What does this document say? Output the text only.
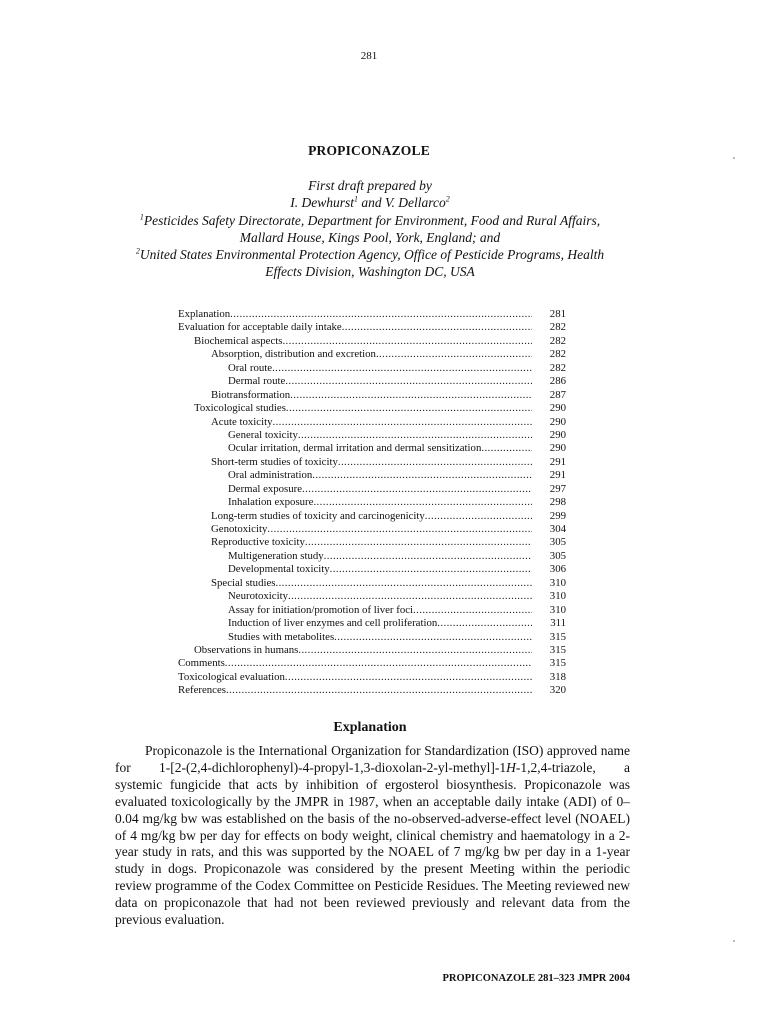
281
PROPICONAZOLE
First draft prepared by
I. Dewhurst$^1$ and V. Dellarco$^2$
$^1$Pesticides Safety Directorate, Department for Environment, Food and Rural Affairs,
Mallard House, Kings Pool, York, England; and
$^2$United States Environmental Protection Agency, Office of Pesticide Programs, Health
Effects Division, Washington DC, USA
Explanation .....	281
Evaluation for acceptable daily intake .....	282
Biochemical aspects .....	282
Absorption, distribution and excretion .....	282
Oral route .....	282
Dermal route .....	286
Biotransformation .....	287
Toxicological studies .....	290
Acute toxicity .....	290
General toxicity .....	290
Ocular irritation, dermal irritation and dermal sensitization .....	290
Short-term studies of toxicity .....	291
Oral administration .....	291
Dermal exposure .....	297
Inhalation exposure .....	298
Long-term studies of toxicity and carcinogenicity .....	299
Genotoxicity .....	304
Reproductive toxicity .....	305
Multigeneration study .....	305
Developmental toxicity .....	306
Special studies .....	310
Neurotoxicity .....	310
Assay for initiation/promotion of liver foci .....	310
Induction of liver enzymes and cell proliferation .....	311
Studies with metabolites .....	315
Observations in humans .....	315
Comments .....	315
Toxicological evaluation .....	318
References .....	320
Explanation

Propiconazole is the International Organization for Standardization (ISO) approved name for 1-[2-(2,4-dichlorophenyl)-4-propyl-1,3-dioxolan-2-yl-methyl]-1H-1,2,4-triazole, a systemic fungicide that acts by inhibition of ergosterol biosynthesis. Propiconazole was evaluated toxicologically by the JMPR in 1987, when an acceptable daily intake (ADI) of 0–0.04 mg/kg bw was established on the basis of the no-observed-adverse-effect level (NOAEL) of 4 mg/kg bw per day for effects on body weight, clinical chemistry and haematology in a 2-year study in rats, and this was supported by the NOAEL of 7 mg/kg bw per day in a 1-year study in dogs. Propiconazole was considered by the present Meeting within the periodic review programme of the Codex Committee on Pesticide Residues. The Meeting reviewed new data on propiconazole that had not been reviewed previously and relevant data from the previous evaluation.

PROPICONAZOLE 281–323 JMPR 2004
